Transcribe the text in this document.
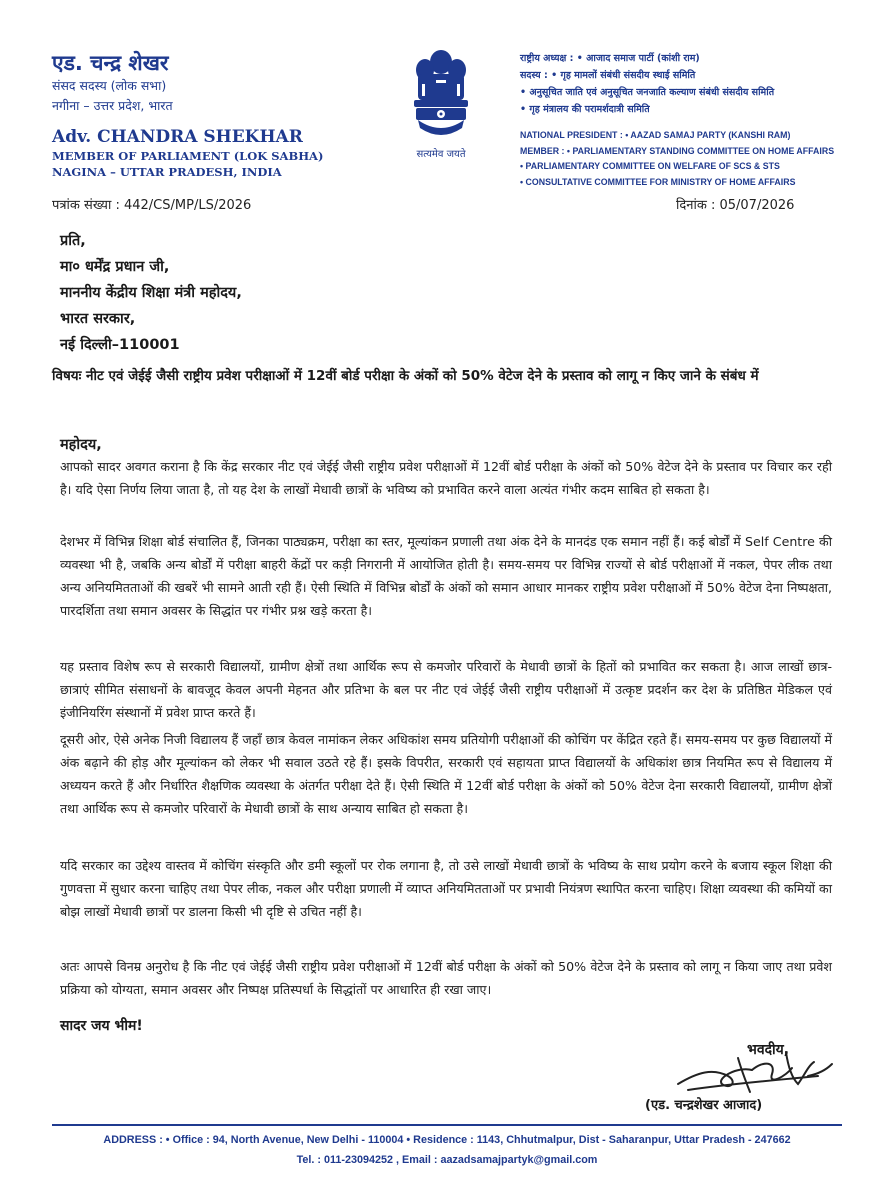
एड. चन्द्र शेखर
संसद सदस्य (लोक सभा)
नगीना – उत्तर प्रदेश, भारत
Adv. CHANDRA SHEKHAR
MEMBER OF PARLIAMENT (LOK SABHA)
NAGINA – UTTAR PRADESH, INDIA
सत्यमेव जयते
राष्ट्रीय अध्यक्ष : • आजाद समाज पार्टी (कांशी राम)
सदस्य : • गृह मामलों संबंधी संसदीय स्थाई समिति
• अनुसूचित जाति एवं अनुसूचित जनजाति कल्याण संबंधी संसदीय समिति
• गृह मंत्रालय की परामर्शदात्री समिति
NATIONAL PRESIDENT : • AAZAD SAMAJ PARTY (KANSHI RAM)
MEMBER : • PARLIAMENTARY STANDING COMMITTEE ON HOME AFFAIRS
• PARLIAMENTARY COMMITTEE ON WELFARE OF SCS & STS
• CONSULTATIVE COMMITTEE FOR MINISTRY OF HOME AFFAIRS
पत्रांक संख्या : 442/CS/MP/LS/2026	दिनांक : 05/07/2026
प्रति,
मा० धर्मेंद्र प्रधान जी,
माननीय केंद्रीय शिक्षा मंत्री महोदय,
भारत सरकार,
नई दिल्ली–110001
विषयः नीट एवं जेईई जैसी राष्ट्रीय प्रवेश परीक्षाओं में 12वीं बोर्ड परीक्षा के अंकों को 50% वेटेज देने के प्रस्ताव को लागू न किए जाने के संबंध में
महोदय,
आपको सादर अवगत कराना है कि केंद्र सरकार नीट एवं जेईई जैसी राष्ट्रीय प्रवेश परीक्षाओं में 12वीं बोर्ड परीक्षा के अंकों को 50% वेटेज देने के प्रस्ताव पर विचार कर रही है। यदि ऐसा निर्णय लिया जाता है, तो यह देश के लाखों मेधावी छात्रों के भविष्य को प्रभावित करने वाला अत्यंत गंभीर कदम साबित हो सकता है।
देशभर में विभिन्न शिक्षा बोर्ड संचालित हैं, जिनका पाठ्यक्रम, परीक्षा का स्तर, मूल्यांकन प्रणाली तथा अंक देने के मानदंड एक समान नहीं हैं। कई बोर्डों में Self Centre की व्यवस्था भी है, जबकि अन्य बोर्डों में परीक्षा बाहरी केंद्रों पर कड़ी निगरानी में आयोजित होती है। समय-समय पर विभिन्न राज्यों से बोर्ड परीक्षाओं में नकल, पेपर लीक तथा अन्य अनियमितताओं की खबरें भी सामने आती रही हैं। ऐसी स्थिति में विभिन्न बोर्डों के अंकों को समान आधार मानकर राष्ट्रीय प्रवेश परीक्षाओं में 50% वेटेज देना निष्पक्षता, पारदर्शिता तथा समान अवसर के सिद्धांत पर गंभीर प्रश्न खड़े करता है।
यह प्रस्ताव विशेष रूप से सरकारी विद्यालयों, ग्रामीण क्षेत्रों तथा आर्थिक रूप से कमजोर परिवारों के मेधावी छात्रों के हितों को प्रभावित कर सकता है। आज लाखों छात्र-छात्राएं सीमित संसाधनों के बावजूद केवल अपनी मेहनत और प्रतिभा के बल पर नीट एवं जेईई जैसी राष्ट्रीय परीक्षाओं में उत्कृष्ट प्रदर्शन कर देश के प्रतिष्ठित मेडिकल एवं इंजीनियरिंग संस्थानों में प्रवेश प्राप्त करते हैं।
दूसरी ओर, ऐसे अनेक निजी विद्यालय हैं जहाँ छात्र केवल नामांकन लेकर अधिकांश समय प्रतियोगी परीक्षाओं की कोचिंग पर केंद्रित रहते हैं। समय-समय पर कुछ विद्यालयों में अंक बढ़ाने की होड़ और मूल्यांकन को लेकर भी सवाल उठते रहे हैं। इसके विपरीत, सरकारी एवं सहायता प्राप्त विद्यालयों के अधिकांश छात्र नियमित रूप से विद्यालय में अध्ययन करते हैं और निर्धारित शैक्षणिक व्यवस्था के अंतर्गत परीक्षा देते हैं। ऐसी स्थिति में 12वीं बोर्ड परीक्षा के अंकों को 50% वेटेज देना सरकारी विद्यालयों, ग्रामीण क्षेत्रों तथा आर्थिक रूप से कमजोर परिवारों के मेधावी छात्रों के साथ अन्याय साबित हो सकता है।
यदि सरकार का उद्देश्य वास्तव में कोचिंग संस्कृति और डमी स्कूलों पर रोक लगाना है, तो उसे लाखों मेधावी छात्रों के भविष्य के साथ प्रयोग करने के बजाय स्कूल शिक्षा की गुणवत्ता में सुधार करना चाहिए तथा पेपर लीक, नकल और परीक्षा प्रणाली में व्याप्त अनियमितताओं पर प्रभावी नियंत्रण स्थापित करना चाहिए। शिक्षा व्यवस्था की कमियों का बोझ लाखों मेधावी छात्रों पर डालना किसी भी दृष्टि से उचित नहीं है।
अतः आपसे विनम्र अनुरोध है कि नीट एवं जेईई जैसी राष्ट्रीय प्रवेश परीक्षाओं में 12वीं बोर्ड परीक्षा के अंकों को 50% वेटेज देने के प्रस्ताव को लागू न किया जाए तथा प्रवेश प्रक्रिया को योग्यता, समान अवसर और निष्पक्ष प्रतिस्पर्धा के सिद्धांतों पर आधारित ही रखा जाए।
सादर जय भीम!
भवदीय,
(एड. चन्द्रशेखर आजाद)
ADDRESS : • Office : 94, North Avenue, New Delhi - 110004 • Residence : 1143, Chhutmalpur, Dist - Saharanpur, Uttar Pradesh - 247662
Tel. : 011-23094252 , Email : aazadsamajpartyk@gmail.com
